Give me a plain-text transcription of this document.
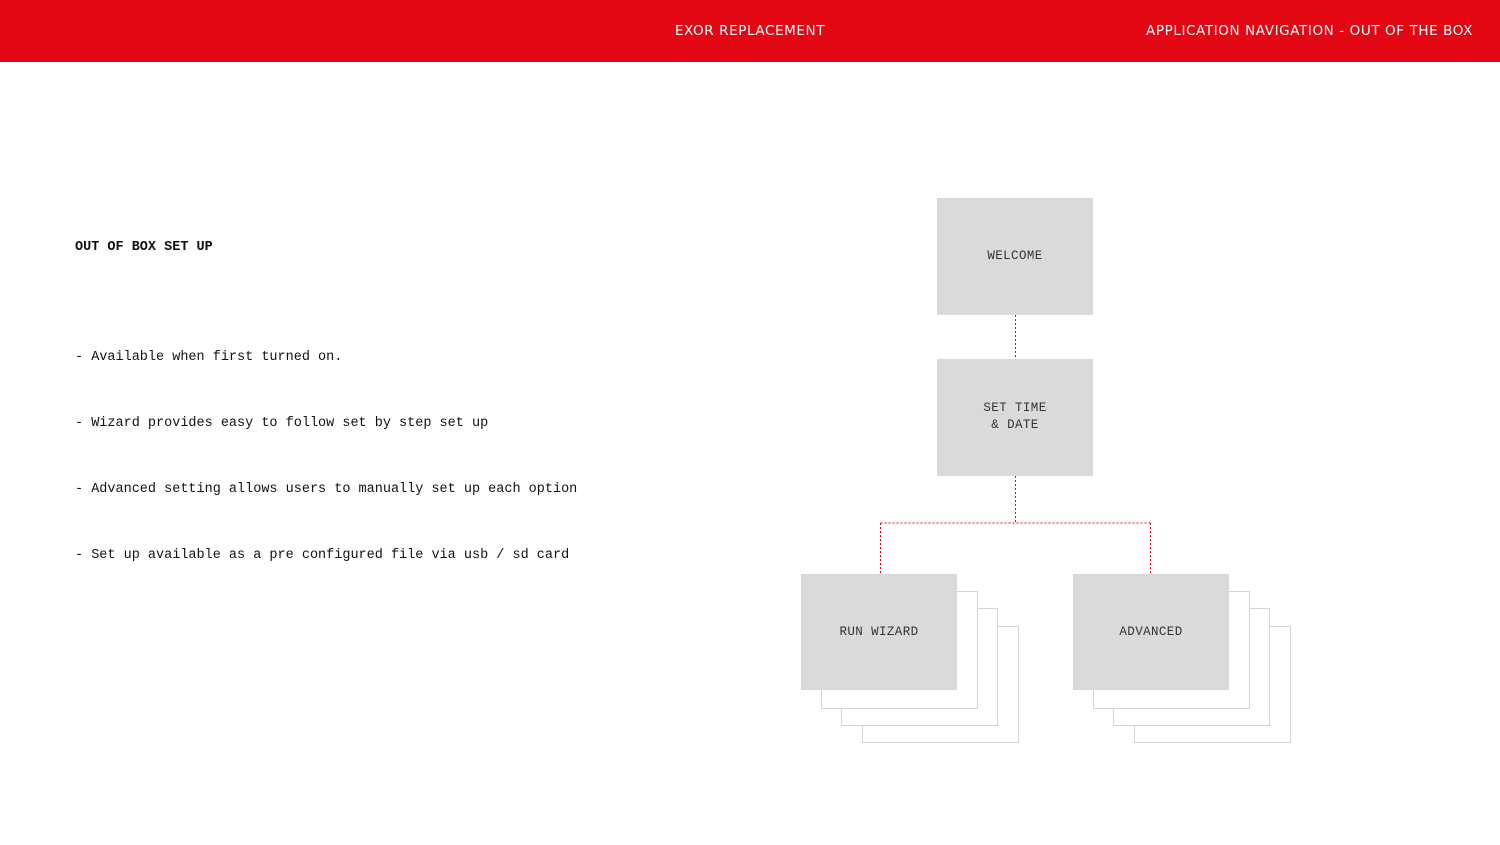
EXOR REPLACEMENT	APPLICATION NAVIGATION - OUT OF THE BOX

OUT OF BOX SET UP

- Available when first turned on.

- Wizard provides easy to follow set by step set up

- Advanced setting allows users to manually set up each option

- Set up available as a pre configured file via usb / sd card

WELCOME
SET TIME
& DATE
RUN WIZARD	ADVANCED
